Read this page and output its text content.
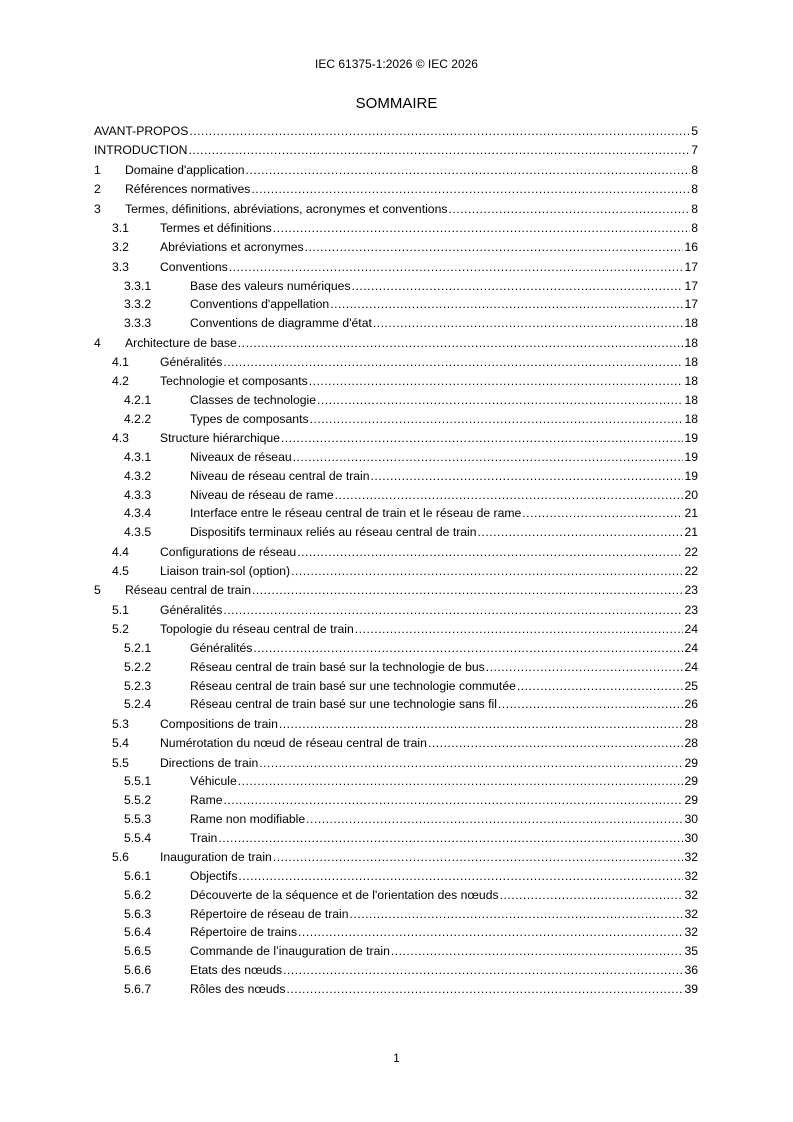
IEC 61375-1:2026 © IEC 2026
SOMMAIRE
AVANT-PROPOS .....	5
INTRODUCTION .....	7
1	Domaine d'application .....	8
2	Références normatives .....	8
3	Termes, définitions, abréviations, acronymes et conventions .....	8
3.1	Termes et définitions .....	8
3.2	Abréviations et acronymes .....	16
3.3	Conventions .....	17
3.3.1	Base des valeurs numériques .....	17
3.3.2	Conventions d'appellation .....	17
3.3.3	Conventions de diagramme d'état .....	18
4	Architecture de base .....	18
4.1	Généralités .....	18
4.2	Technologie et composants .....	18
4.2.1	Classes de technologie .....	18
4.2.2	Types de composants .....	18
4.3	Structure hiérarchique .....	19
4.3.1	Niveaux de réseau .....	19
4.3.2	Niveau de réseau central de train .....	19
4.3.3	Niveau de réseau de rame .....	20
4.3.4	Interface entre le réseau central de train et le réseau de rame .....	21
4.3.5	Dispositifs terminaux reliés au réseau central de train .....	21
4.4	Configurations de réseau .....	22
4.5	Liaison train-sol (option) .....	22
5	Réseau central de train .....	23
5.1	Généralités .....	23
5.2	Topologie du réseau central de train .....	24
5.2.1	Généralités .....	24
5.2.2	Réseau central de train basé sur la technologie de bus .....	24
5.2.3	Réseau central de train basé sur une technologie commutée .....	25
5.2.4	Réseau central de train basé sur une technologie sans fil .....	26
5.3	Compositions de train .....	28
5.4	Numérotation du nœud de réseau central de train .....	28
5.5	Directions de train .....	29
5.5.1	Véhicule .....	29
5.5.2	Rame .....	29
5.5.3	Rame non modifiable .....	30
5.5.4	Train .....	30
5.6	Inauguration de train .....	32
5.6.1	Objectifs .....	32
5.6.2	Découverte de la séquence et de l'orientation des nœuds .....	32
5.6.3	Répertoire de réseau de train .....	32
5.6.4	Répertoire de trains .....	32
5.6.5	Commande de l’inauguration de train .....	35
5.6.6	Etats des nœuds .....	36
5.6.7	Rôles des nœuds .....	39
1
